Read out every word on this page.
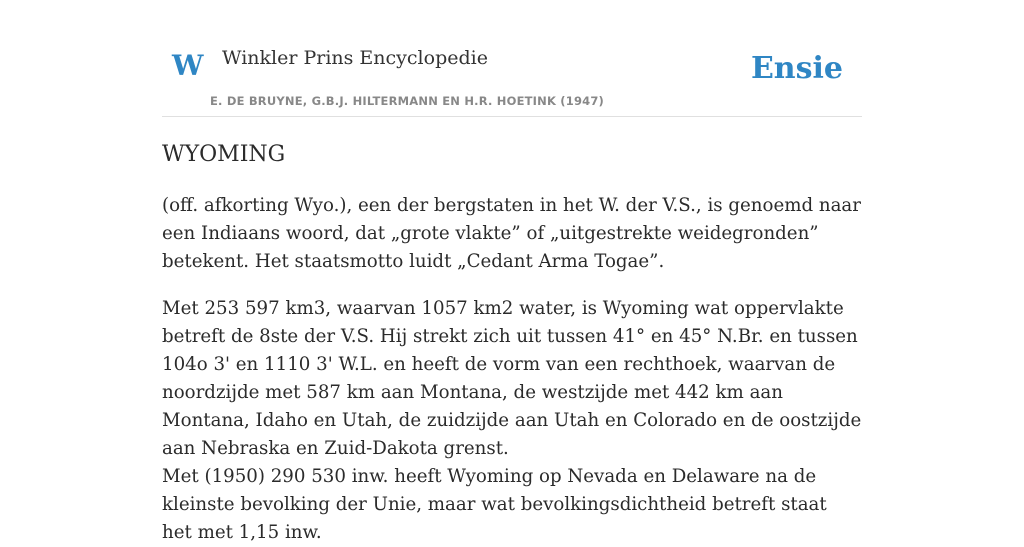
W Winkler Prins Encyclopedie
E. DE BRUYNE, G.B.J. HILTERMANN EN H.R. HOETINK (1947)
Ensie
WYOMING

(off. afkorting Wyo.), een der bergstaten in het W. der V.S., is genoemd naar een Indiaans woord, dat „grote vlakte” of „uitgestrekte weidegronden” betekent. Het staatsmotto luidt „Cedant Arma Togae”.

Met 253 597 km3, waarvan 1057 km2 water, is Wyoming wat oppervlakte betreft de 8ste der V.S. Hij strekt zich uit tussen 41° en 45° N.Br. en tussen 104o 3' en 1110 3' W.L. en heeft de vorm van een rechthoek, waarvan de noordzijde met 587 km aan Montana, de westzijde met 442 km aan Montana, Idaho en Utah, de zuidzijde aan Utah en Colorado en de oostzijde aan Nebraska en Zuid-Dakota grenst.

Met (1950) 290 530 inw. heeft Wyoming op Nevada en Delaware na de kleinste bevolking der Unie, maar wat bevolkingsdichtheid betreft staat het met 1,15 inw.
